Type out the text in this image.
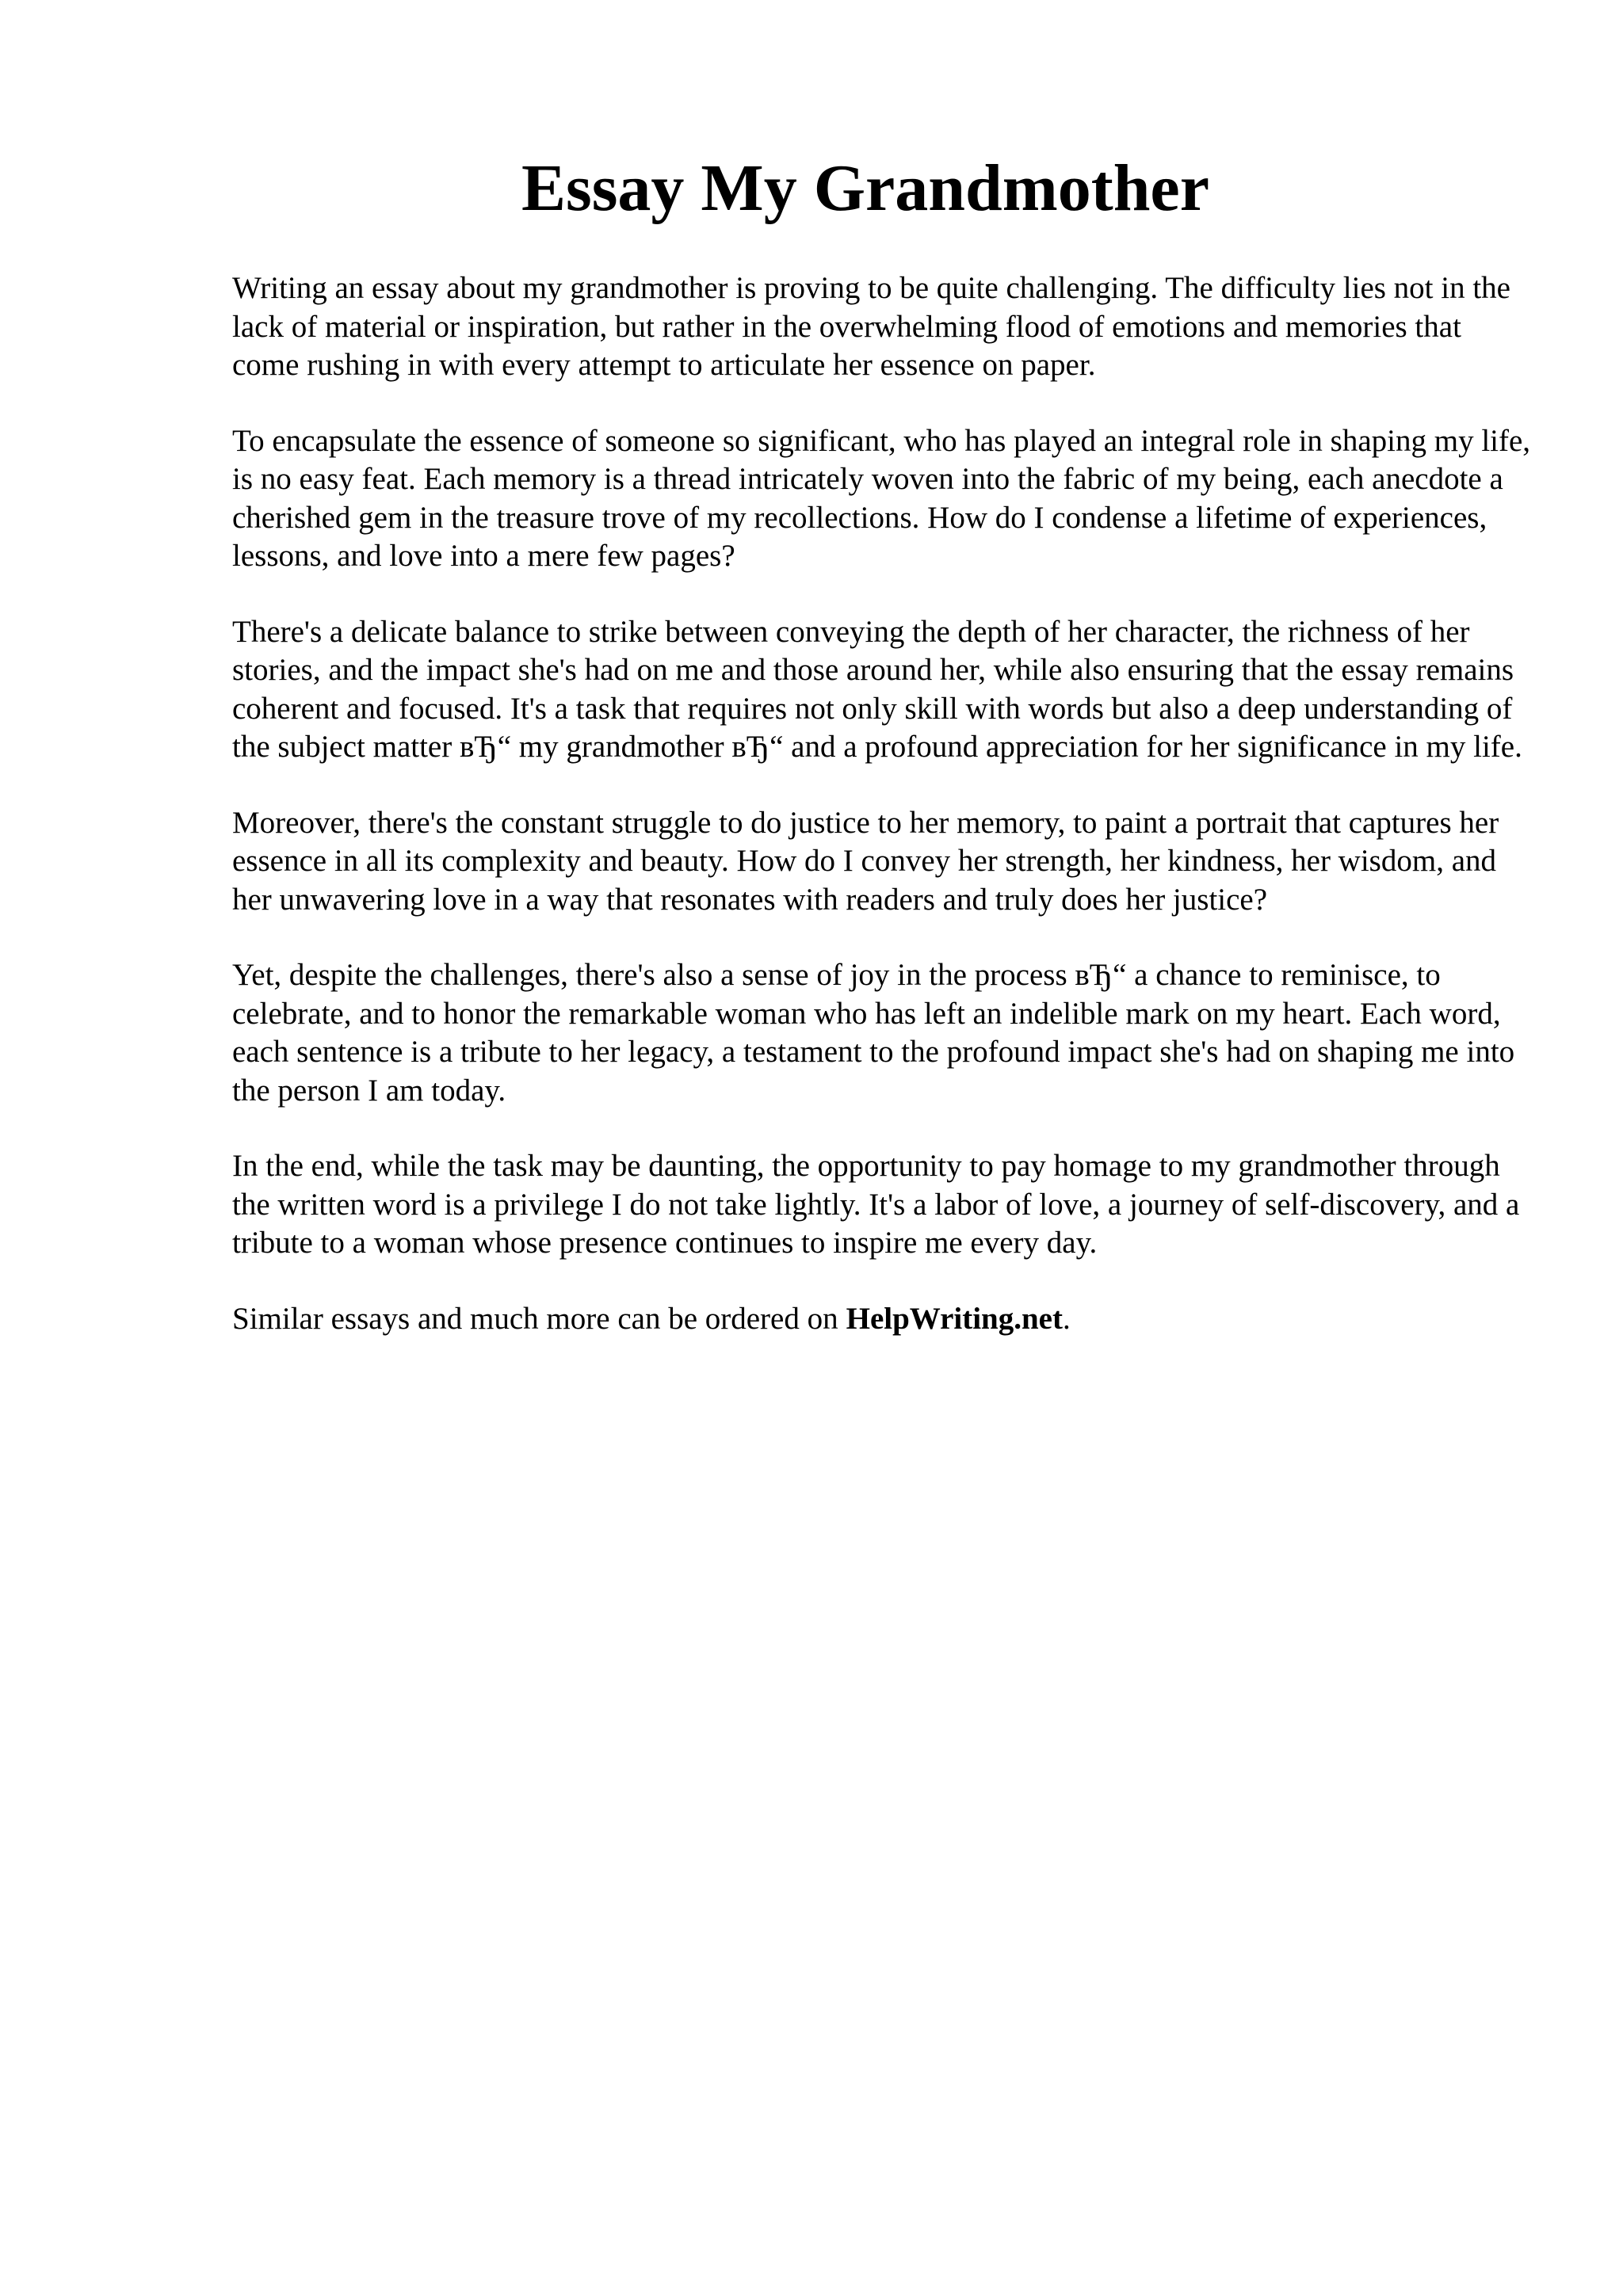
Essay My Grandmother

Writing an essay about my grandmother is proving to be quite challenging. The difficulty lies not in the lack of material or inspiration, but rather in the overwhelming flood of emotions and memories that come rushing in with every attempt to articulate her essence on paper.

To encapsulate the essence of someone so significant, who has played an integral role in shaping my life, is no easy feat. Each memory is a thread intricately woven into the fabric of my being, each anecdote a cherished gem in the treasure trove of my recollections. How do I condense a lifetime of experiences, lessons, and love into a mere few pages?

There's a delicate balance to strike between conveying the depth of her character, the richness of her stories, and the impact she's had on me and those around her, while also ensuring that the essay remains coherent and focused. It's a task that requires not only skill with words but also a deep understanding of the subject matter вЂ“ my grandmother вЂ“ and a profound appreciation for her significance in my life.

Moreover, there's the constant struggle to do justice to her memory, to paint a portrait that captures her essence in all its complexity and beauty. How do I convey her strength, her kindness, her wisdom, and her unwavering love in a way that resonates with readers and truly does her justice?

Yet, despite the challenges, there's also a sense of joy in the process вЂ“ a chance to reminisce, to celebrate, and to honor the remarkable woman who has left an indelible mark on my heart. Each word, each sentence is a tribute to her legacy, a testament to the profound impact she's had on shaping me into the person I am today.

In the end, while the task may be daunting, the opportunity to pay homage to my grandmother through the written word is a privilege I do not take lightly. It's a labor of love, a journey of self-discovery, and a tribute to a woman whose presence continues to inspire me every day.

Similar essays and much more can be ordered on HelpWriting.net.
